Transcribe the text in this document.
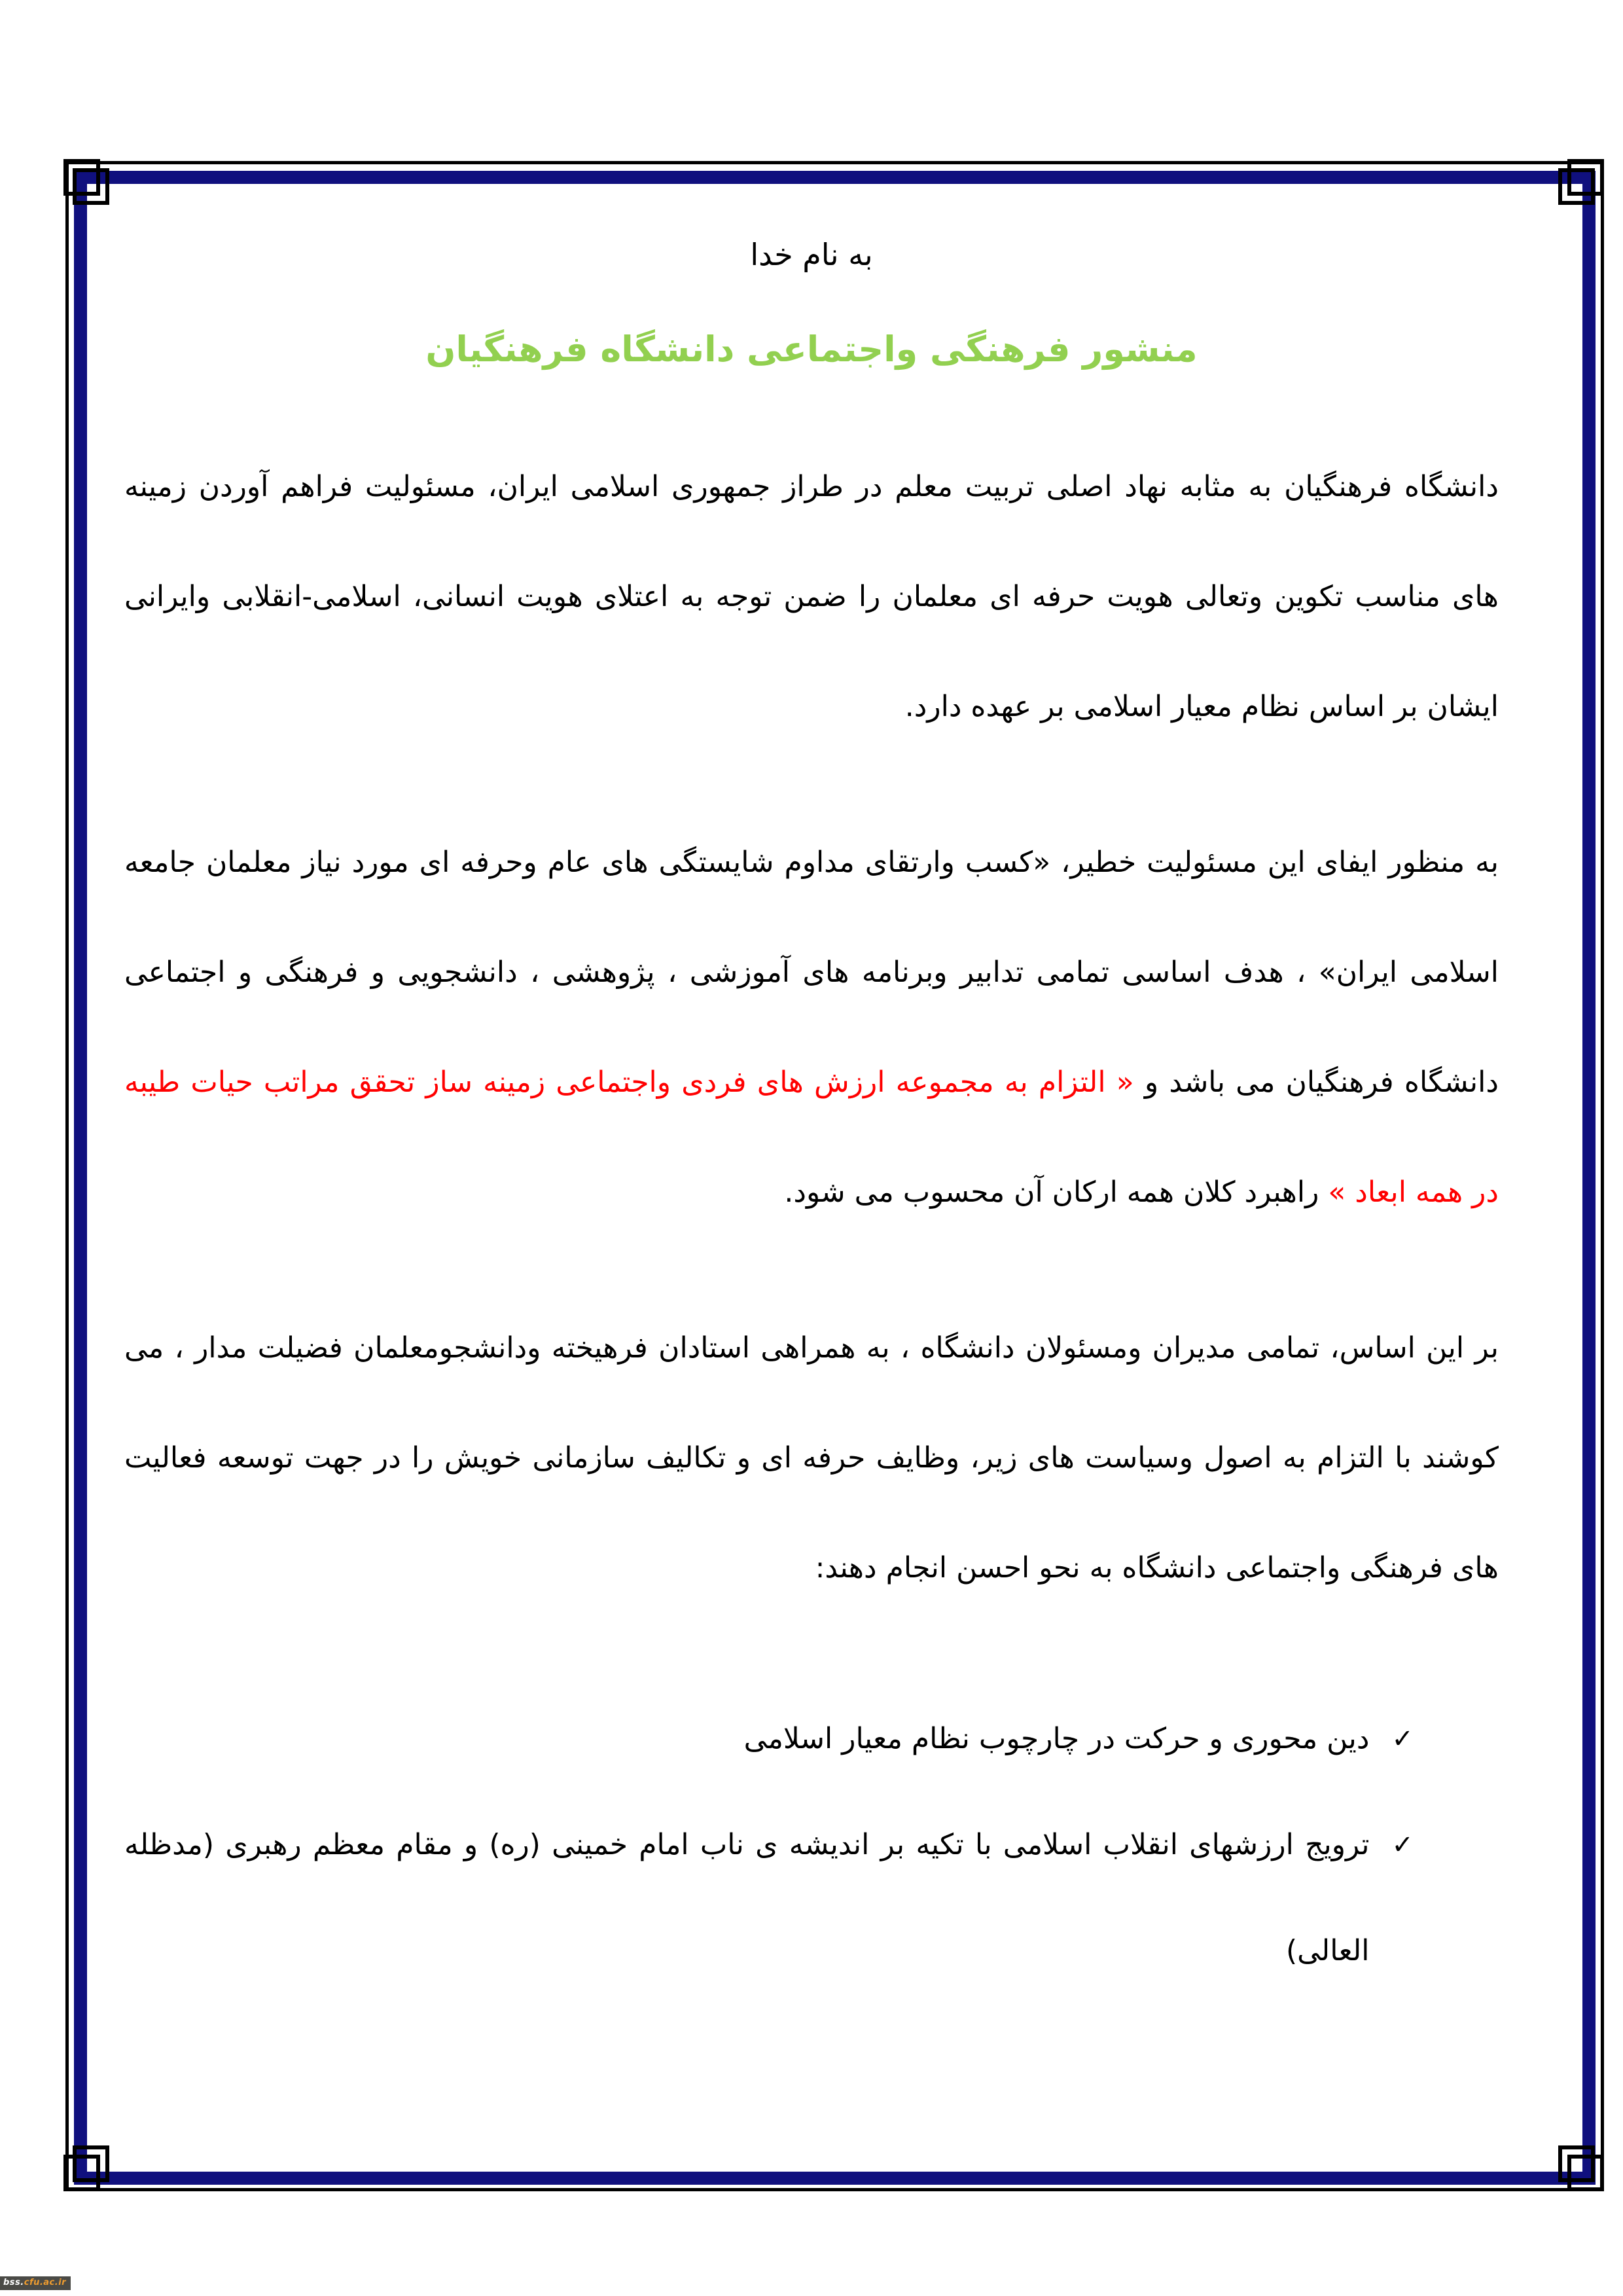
به نام خدا
منشور فرهنگی واجتماعی دانشگاه فرهنگیان

دانشگاه فرهنگیان به مثابه نهاد اصلی تربیت معلم در طراز جمهوری اسلامی ایران، مسئولیت فراهم آوردن زمینه های مناسب تکوین وتعالی هویت حرفه ای معلمان را ضمن توجه به اعتلای هویت انسانی، اسلامی-انقلابی وایرانی ایشان بر اساس نظام معیار اسلامی بر عهده دارد.

به منظور ایفای این مسئولیت خطیر، «کسب وارتقای مداوم شایستگی های عام وحرفه ای مورد نیاز معلمان جامعه اسلامی ایران» ، هدف اساسی تمامی تدابیر وبرنامه های آموزشی ، پژوهشی ، دانشجویی و فرهنگی و اجتماعی دانشگاه فرهنگیان می باشد و « التزام به مجموعه ارزش های فردی واجتماعی زمینه ساز تحقق مراتب حیات طیبه در همه ابعاد » راهبرد کلان همه ارکان آن محسوب می شود.

بر این اساس، تمامی مدیران ومسئولان دانشگاه ، به همراهی استادان فرهیخته ودانشجومعلمان فضیلت مدار ، می کوشند با التزام به اصول وسیاست های زیر، وظایف حرفه ای و تکالیف سازمانی خویش را در جهت توسعه فعالیت های فرهنگی واجتماعی دانشگاه به نحو احسن انجام دهند:

✓
دین محوری و حرکت در چارچوب نظام معیار اسلامی
✓
ترویج ارزشهای انقلاب اسلامی با تکیه بر اندیشه ی ناب امام خمینی (ره) و مقام معظم رهبری (مدظله العالی)
bss.cfu.ac.ir
